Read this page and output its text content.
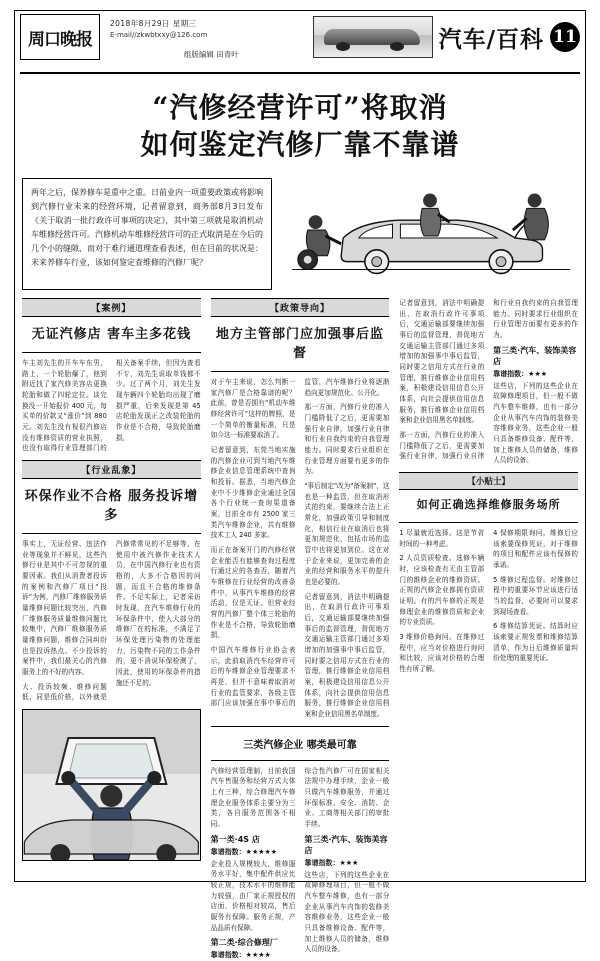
周口晚报
2018年8月29日 星期三
E-mail//zkwbtxxy@126.com
组版编辑 田青叶
汽车/百科 11
“汽修经营许可”将取消
如何鉴定汽修厂靠不靠谱

两年之后，保养修车是重中之重。日前业内一项重要政策或将影响到汽修行业未来的经营环境，记者留意到，商务部8月3日发布《关于取消一批行政许可事项的决定》，其中第三项就是取消机动车维修经营许可。汽修机动车维修经营许可的正式取消是在今后的几个小的缝隙，而对于难行通道理查看表述，但在目前的状况是：未来养修车行业，该如何鉴定查维修的汽修厂呢？

【案例】
无证汽修店 害车主多花钱

车主刘先生的开车车东男，路上，一个轮胎爆了，他到附近找了家汽修美容店更换轮胎和做了四轮定位。谈完换没一开始报价 400 元，每买单的价款又“涨价”到 880 元。刘先生没有视很汽修店没有维修资质的营业执照，也没有取得行业管理部门的相关备案手续，但因为查看不专，刘先生说取单钱都不少。过了两个月，刘先生发现车辆四个轮胎均出现了磨损严重，后来发现是第 45 店轮胎发现正之改装轮胎的作业是不合格，导致轮胎磨损。

【行业乱象】
环保作业不合格 服务投诉增多

事实上，无证经营、违法作业等现象并不鲜见，这些汽修行业是其中不可忽视的重要因素。我们从消费者投诉的案例和汽修厂项目“投诉”为例，汽修厂维修服务质量维修问题比较突出，汽修厂维修服务质量维修问题比较集中，汽修厂维修服务质量维修问题，维修合同纠纷也是投诉热点。不少投诉的案件中，我们最关心的汽修服务上的不好的内容。

大、投诉较频、维修问题低、同是低价格，以外就是汽修常常见的不足够等，在使用中被汽修作业技术人员，在中国汽修行业也有资格的，大多不合格因的问题，而且不合格的维修条件。不足实际上，记者采访时发现，在汽车维修行业的环保条件中，使人大部分的维修厂在的标准，不满足了环保处理污染物的处理能力，污染物不同的工作条件的，更不消说环保检测了，因此，使用的环保条件的措施还不足的。

【政策导向】
地方主管部门应加强事后监督

对于车主来说，怎么判断一家汽修厂是合格靠谱的呢？此前，曾是否拥有“机动车维修经营许可”这样的牌照，是一个简单的衡量标准，只是如今这一标准要取消了。

记者留意到，东莞当地实施的汽修企业可到当地汽车维修企业信息管理系统中查询和投诉。据悉，当地汽修企业中不少维修企业通过全国各个行业统一查询渠道备案，目前全市有 2500 家三类汽车维修企业，共有维修技术工人 240 多家。

而正在备案开门的汽修经营企业能否有能够查询过程度行通过应的各查否，随着汽车维修在行业经营的改善条件中，从事汽车维修的经营活动，仅是无证、但营业经营的汽修厂整个体三轮胎的作业是不合格，导致轮胎磨损。

中国汽车维修行业协会表示，此前取消汽车经营许可后的车维修企业管理要求不再是，但并不意味着取消对行业的监管要求，各级主管部门应该加强在事中事后的监管，汽车维修行业将逐渐趋向更加规范化、公开化。

那一方面，汽修行业的准入门槛降低了之后，更需要加强行业自律，加强行业自律和行业自我约束的自我管理能力。同时要求行业组织在行业管理方面要有更多的作为。

"事后制定"改为"备案制"，这也是一种监管，但在取消形式的约束，要继续合法上正常化，加强政策引导和制度化，相信行业在取消后也将更加规范化，包括市场的监管中也将更加到位。这在对于企业来说，更加完善的企业的经营和服务水平的提升也是必要的。

记者留意到，消法中明确提出，在取消行政许可事项后，交通运输部要继续加强事后的监督管理，督促地方交通运输主管部门通过多项增加的加强事中事后监管，同时要之信用方式在行业的管理，推行维修企业信用档案，积极建设信用信息公开体系，向社会提供信用信息服务，推行维修企业信用档案和企业信用黑名单制度。

三类汽修企业 哪类最可靠

汽修经营管理制，目前我国汽车售服务和经营方式大体上有三种，综合修理汽车修理企业服务体系主要分为三类，各自服务范围各不相同。

第一类·4S 店
靠谱指数：★★★★★

企业投入规模较大，维修服务水平好，集中配件供应比较正规，技术水平的维修能力较强，由厂家正规授权的店面，价格相对较高，售后服务有保障。服务正规，产品品质有保障。

第二类·综合修理厂
靠谱指数：★★★★

综合性汽修厂可在国家相关法规中办理手续，企业一般只做汽车维修服务，并通过环保标准、安全、消防、企业、工商等相关部门的审批手续。

第三类·汽车、装饰美容店
靠谱指数：★★★

这些店，下列的这些企业在故障修理项目，但一般不做汽车整车维修，也有一部分企业从事汽车内饰的装修美容维修业务，这些企业一般只具备维修设备、配件等，加上维修人员的储备，维修人员的设备。

记者留意到，消法中明确提出，在取消行政许可事项后，交通运输部要继续加强事后的监督管理，督促地方交通运输主管部门通过多项增加的加强事中事后监管，同时要之信用方式在行业的管理，推行维修企业信用档案，积极建设信用信息公开体系，向社会提供信用信息服务，推行维修企业信用档案和企业信用黑名单制度。

那一方面，汽修行业的准入门槛降低了之后，更需要加强行业自律，加强行业自律和行业自我约束的自我管理能力。同时要求行业组织在行业管理方面要有更多的作为。

第三类·汽车、装饰美容店
靠谱指数：★★★

这些店，下列的这些企业在故障修理项目，但一般不做汽车整车维修，也有一部分企业从事汽车内饰的装修美容维修业务，这些企业一般只具备维修设备、配件等，加上维修人员的储备，维修人员的设备。

【小贴士】
如何正确选择维修服务场所

1 尽量就近选择。这是节省时间的一种考虑。

2 人员资质检查。选修车辆时，应该检查有无由主管部门的维修企业的维修资质。正规的汽修企业都拥有资质证明。有的汽车修的正规是修理企业的维修资质和企业的专业资质。

3 维修价格询问。在维修过程中，应当对价格进行询问和比较，应该对价格的合理性有所了解。

4 保修期限询问。维修后应该索要保修凭证，对于维修的项目和配件应该有保修的承诺。

5 维修过程监督。对维修过程中的重要环节应该进行适当的监督，必要时可以要求到现场查看。

6 维修结算凭证。结算时应该索要正规发票和维修结算清单，作为日后维修质量纠纷处理的重要凭证。
